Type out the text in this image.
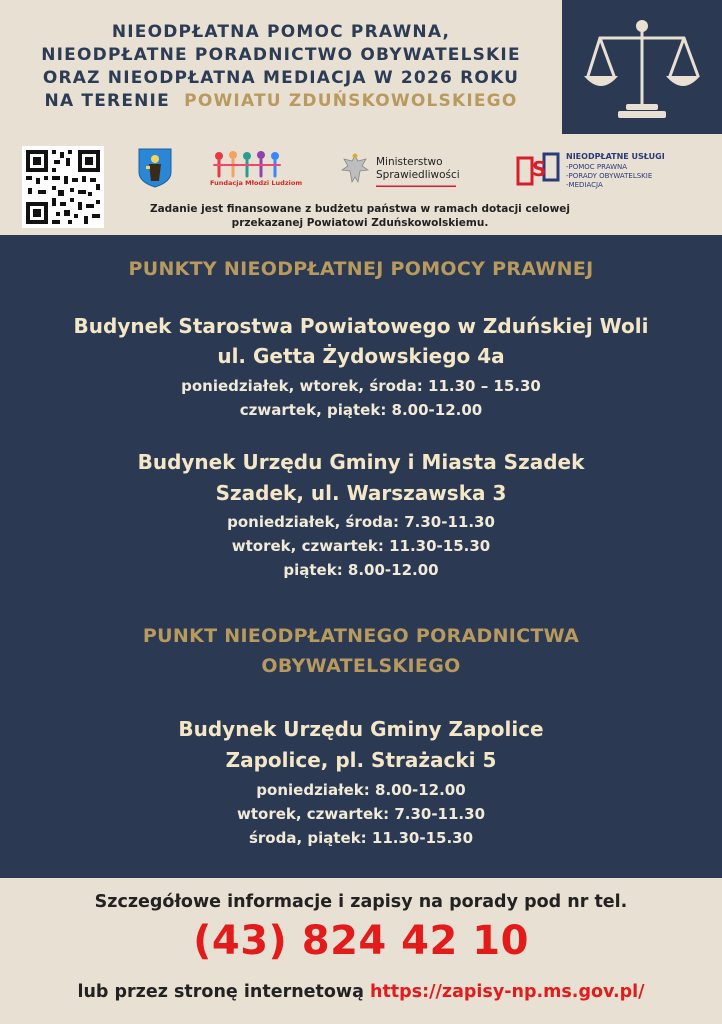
NIEODPŁATNA POMOC PRAWNA,
NIEODPŁATNE PORADNICTWO OBYWATELSKIE
ORAZ NIEODPŁATNA MEDIACJA W 2026 ROKU
NA TERENIE POWIATU ZDUŃSKOWOLSKIEGO
Fundacja Młodzi Ludziom
Ministerstwo
Sprawiedliwości	S
NIEODPŁATNE USŁUGI
-POMOC PRAWNA
-PORADY OBYWATELSKIE
-MEDIACJA
Zadanie jest finansowane z budżetu państwa w ramach dotacji celowej
przekazanej Powiatowi Zduńskowolskiemu.
PUNKTY NIEODPŁATNEJ POMOCY PRAWNEJ
Budynek Starostwa Powiatowego w Zduńskiej Woli
ul. Getta Żydowskiego 4a
poniedziałek, wtorek, środa: 11.30 – 15.30
czwartek, piątek: 8.00-12.00
Budynek Urzędu Gminy i Miasta Szadek
Szadek, ul. Warszawska 3
poniedziałek, środa: 7.30-11.30
wtorek, czwartek: 11.30-15.30
piątek: 8.00-12.00
PUNKT NIEODPŁATNEGO PORADNICTWA
OBYWATELSKIEGO
Budynek Urzędu Gminy Zapolice
Zapolice, pl. Strażacki 5
poniedziałek: 8.00-12.00
wtorek, czwartek: 7.30-11.30
środa, piątek: 11.30-15.30
Szczegółowe informacje i zapisy na porady pod nr tel.
(43) 824 42 10
lub przez stronę internetową https://zapisy-np.ms.gov.pl/
